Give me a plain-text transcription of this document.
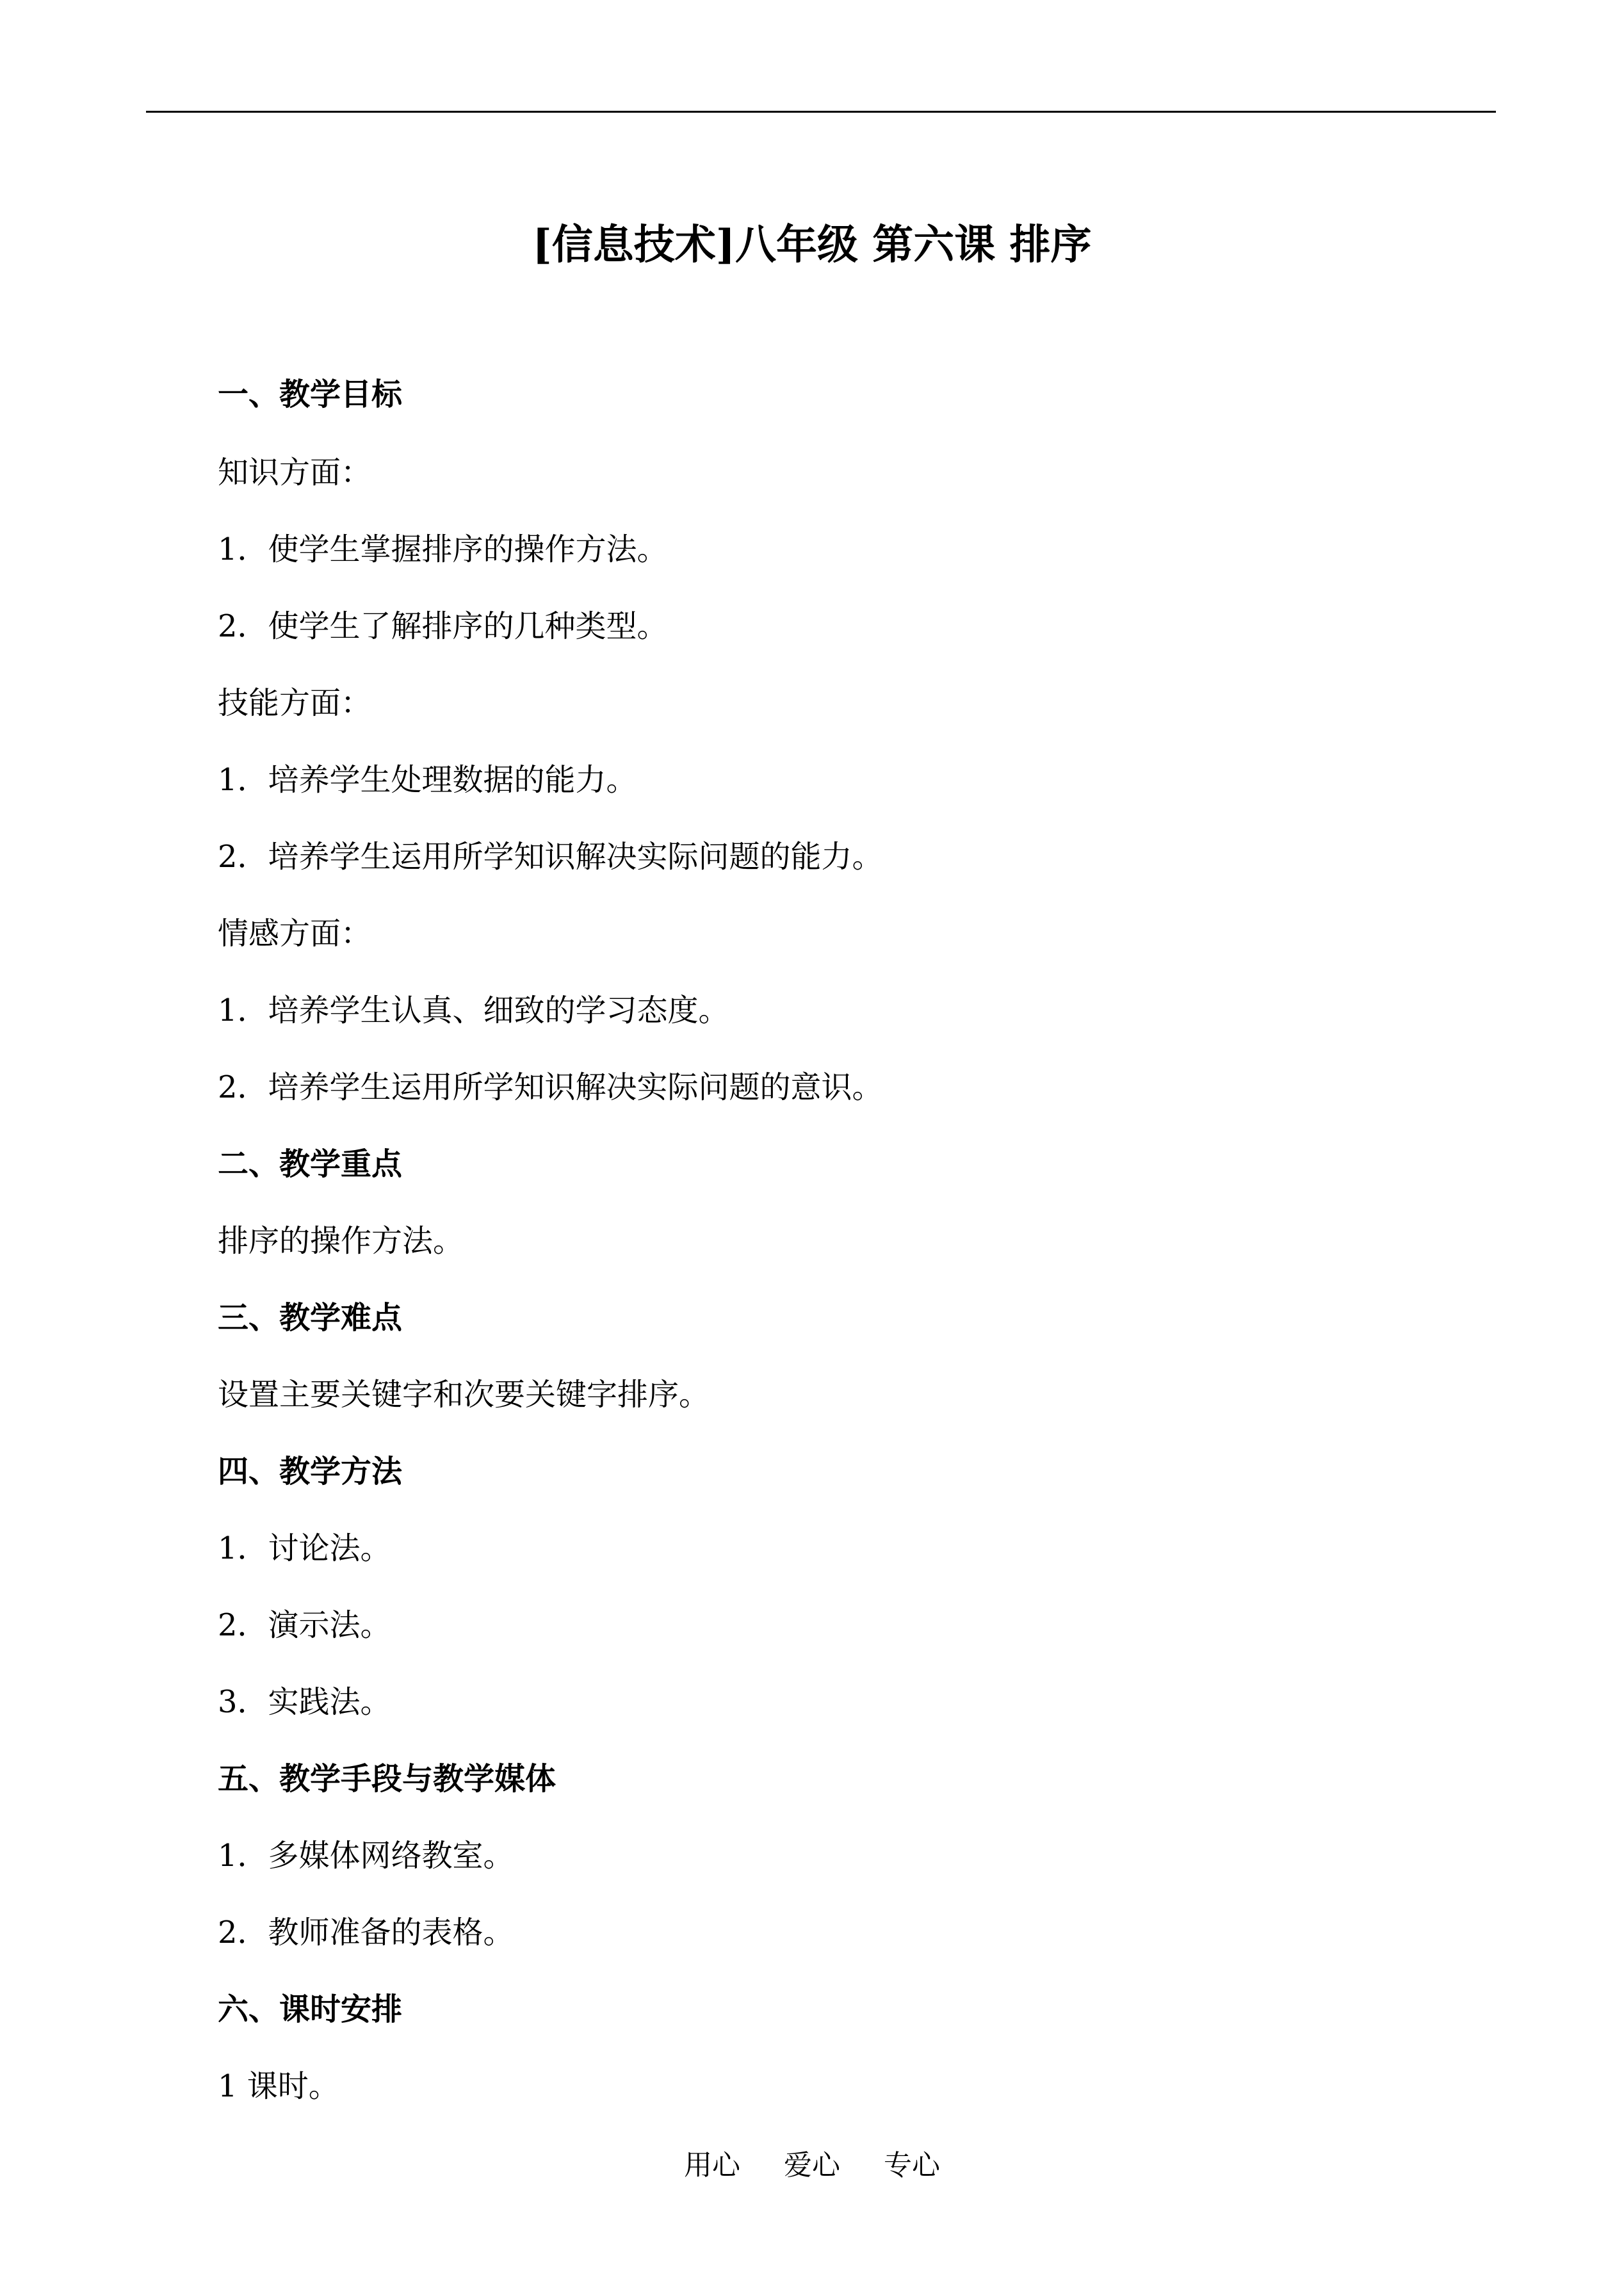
[信息技术]八年级 第六课 排序
一、教学目标
知识方面：
1．使学生掌握排序的操作方法。
2．使学生了解排序的几种类型。
技能方面：
1．培养学生处理数据的能力。
2．培养学生运用所学知识解决实际问题的能力。
情感方面：
1．培养学生认真、细致的学习态度。
2．培养学生运用所学知识解决实际问题的意识。
二、教学重点
排序的操作方法。
三、教学难点
设置主要关键字和次要关键字排序。
四、教学方法
1．讨论法。
2．演示法。
3．实践法。
五、教学手段与教学媒体
1．多媒体网络教室。
2．教师准备的表格。
六、课时安排
1 课时。
用心 爱心 专心
